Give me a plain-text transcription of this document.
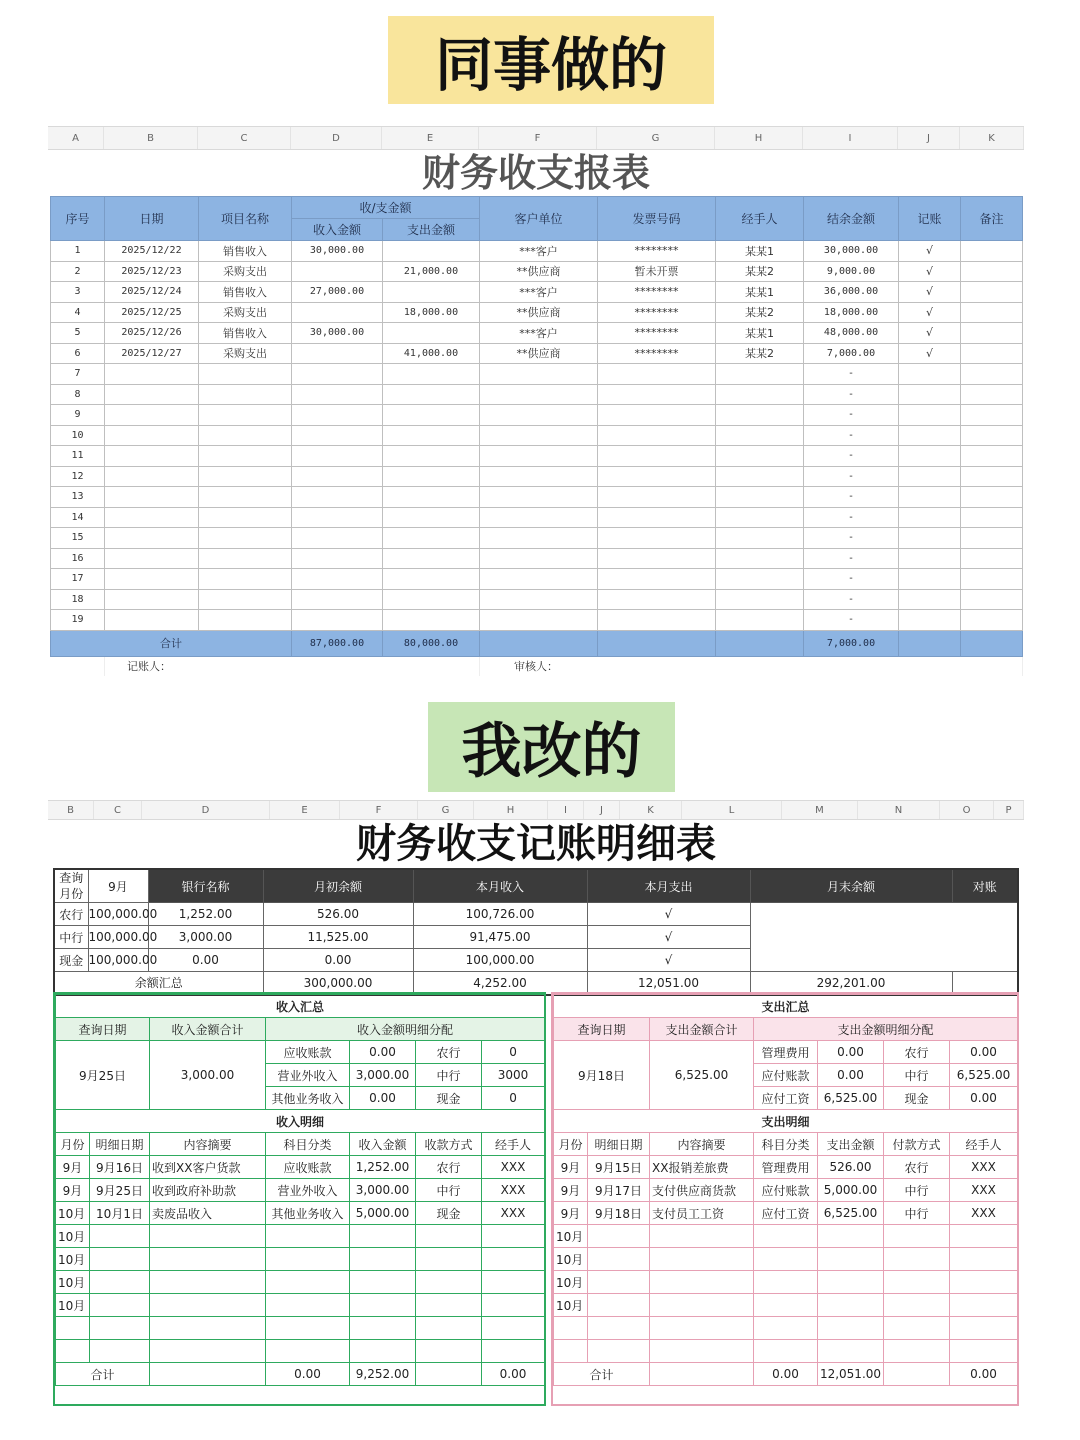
同事做的
A	B	C	D	E	F	G	H	I	J	K
财务收支报表
序号	日期	项目名称	收/支金额		客户单位	发票号码	经手人	结余金额	记账	备注
			收入金额	支出金额						
1	2025/12/22	销售收入	30,000.00		***客户	********	某某1	30,000.00	√	
2	2025/12/23	采购支出		21,000.00	**供应商	暂未开票	某某2	9,000.00	√	
3	2025/12/24	销售收入	27,000.00		***客户	********	某某1	36,000.00	√	
4	2025/12/25	采购支出		18,000.00	**供应商	********	某某2	18,000.00	√	
5	2025/12/26	销售收入	30,000.00		***客户	********	某某1	48,000.00	√	
6	2025/12/27	采购支出		41,000.00	**供应商	********	某某2	7,000.00	√	
7								-		
8								-		
9								-		
10								-		
11								-		
12								-		
13								-		
14								-		
15								-		
16								-		
17								-		
18								-		
19								-		
合计			87,000.00	80,000.00				7,000.00		
	记账人：				审核人：					
我改的
B	C	D	E	F	G	H	I	J	K	L	M	N	O	P
财务收支记账明细表
查询月份	9月	银行名称	月初余额	本月收入	本月支出	月末余额	对账
农行	100,000.00	1,252.00	526.00	100,726.00	√		
中行	100,000.00	3,000.00	11,525.00	91,475.00	√		
现金	100,000.00	0.00	0.00	100,000.00	√		
余额汇总			300,000.00	4,252.00	12,051.00	292,201.00	
收入汇总						
查询日期		收入金额合计	收入金额明细分配			
9月25日		3,000.00	应收账款	0.00	农行	0
			营业外收入	3,000.00	中行	3000
			其他业务收入	0.00	现金	0
收入明细						
月份	明细日期	内容摘要	科目分类	收入金额	收款方式	经手人
9月	9月16日	收到XX客户货款	应收账款	1,252.00	农行	XXX
9月	9月25日	收到政府补助款	营业外收入	3,000.00	中行	XXX
10月	10月1日	卖废品收入	其他业务收入	5,000.00	现金	XXX
10月						
10月						
10月						
10月						

合计			0.00	9,252.00		0.00
支出汇总						
查询日期		支出金额合计	支出金额明细分配			
9月18日		6,525.00	管理费用	0.00	农行	0.00
			应付账款	0.00	中行	6,525.00
			应付工资	6,525.00	现金	0.00
支出明细						
月份	明细日期	内容摘要	科目分类	支出金额	付款方式	经手人
9月	9月15日	XX报销差旅费	管理费用	526.00	农行	XXX
9月	9月17日	支付供应商货款	应付账款	5,000.00	中行	XXX
9月	9月18日	支付员工工资	应付工资	6,525.00	中行	XXX
10月						
10月						
10月						
10月						

合计			0.00	12,051.00		0.00
